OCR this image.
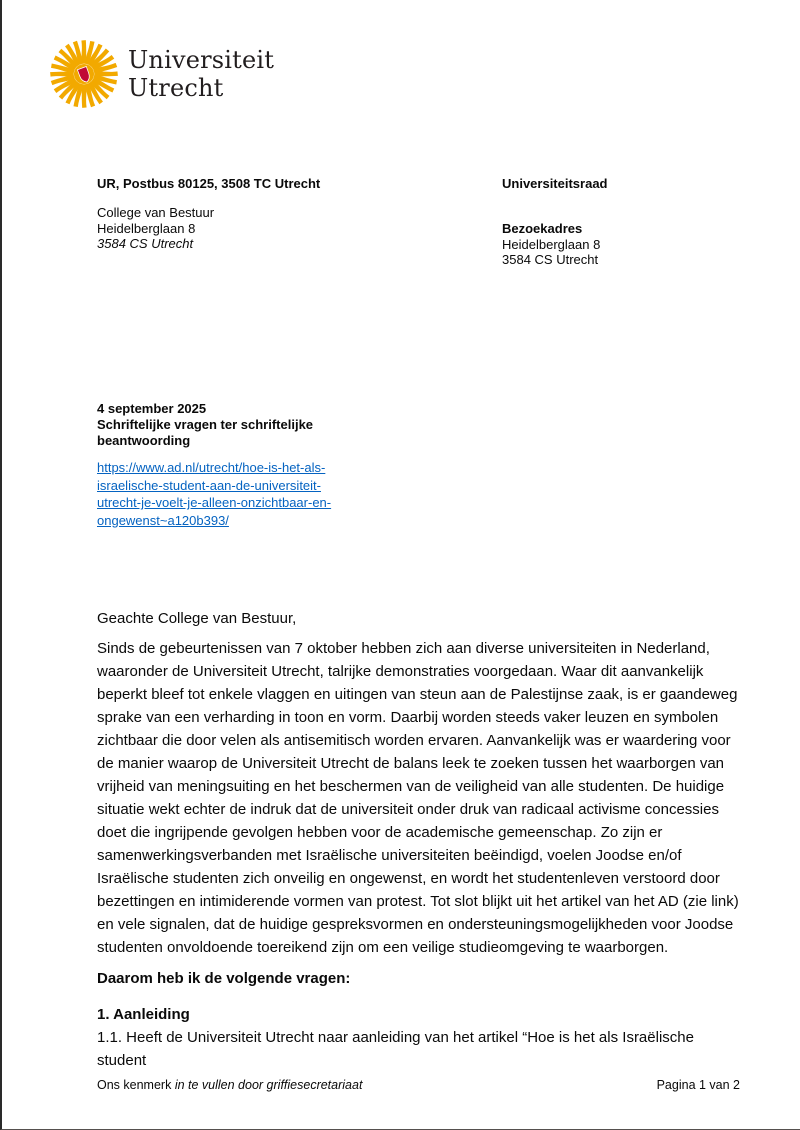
Universiteit
Utrecht
UR, Postbus 80125, 3508 TC Utrecht
College van Bestuur
Heidelberglaan 8
3584 CS Utrecht
Universiteitsraad
Bezoekadres
Heidelberglaan 8
3584 CS Utrecht
4 september 2025
Schriftelijke vragen ter schriftelijke beantwoording
https://www.ad.nl/utrecht/hoe-is-het-als-israelische-student-aan-de-universiteit-utrecht-je-voelt-je-alleen-onzichtbaar-en-ongewenst~a120b393/

Geachte College van Bestuur,

Sinds de gebeurtenissen van 7 oktober hebben zich aan diverse universiteiten in Nederland, waaronder de Universiteit Utrecht, talrijke demonstraties voorgedaan. Waar dit aanvankelijk beperkt bleef tot enkele vlaggen en uitingen van steun aan de Palestijnse zaak, is er gaandeweg sprake van een verharding in toon en vorm. Daarbij worden steeds vaker leuzen en symbolen zichtbaar die door velen als antisemitisch worden ervaren. Aanvankelijk was er waardering voor de manier waarop de Universiteit Utrecht de balans leek te zoeken tussen het waarborgen van vrijheid van meningsuiting en het beschermen van de veiligheid van alle studenten. De huidige situatie wekt echter de indruk dat de universiteit onder druk van radicaal activisme concessies doet die ingrijpende gevolgen hebben voor de academische gemeenschap. Zo zijn er samenwerkingsverbanden met Israëlische universiteiten beëindigd, voelen Joodse en/of Israëlische studenten zich onveilig en ongewenst, en wordt het studentenleven verstoord door bezettingen en intimiderende vormen van protest. Tot slot blijkt uit het artikel van het AD (zie link) en vele signalen, dat de huidige gespreksvormen en ondersteuningsmogelijkheden voor Joodse studenten onvoldoende toereikend zijn om een veilige studieomgeving te waarborgen.

Daarom heb ik de volgende vragen:

1. Aanleiding

1.1. Heeft de Universiteit Utrecht naar aanleiding van het artikel “Hoe is het als Israëlische student

Ons kenmerk in te vullen door griffiesecretariaat	Pagina 1 van 2
